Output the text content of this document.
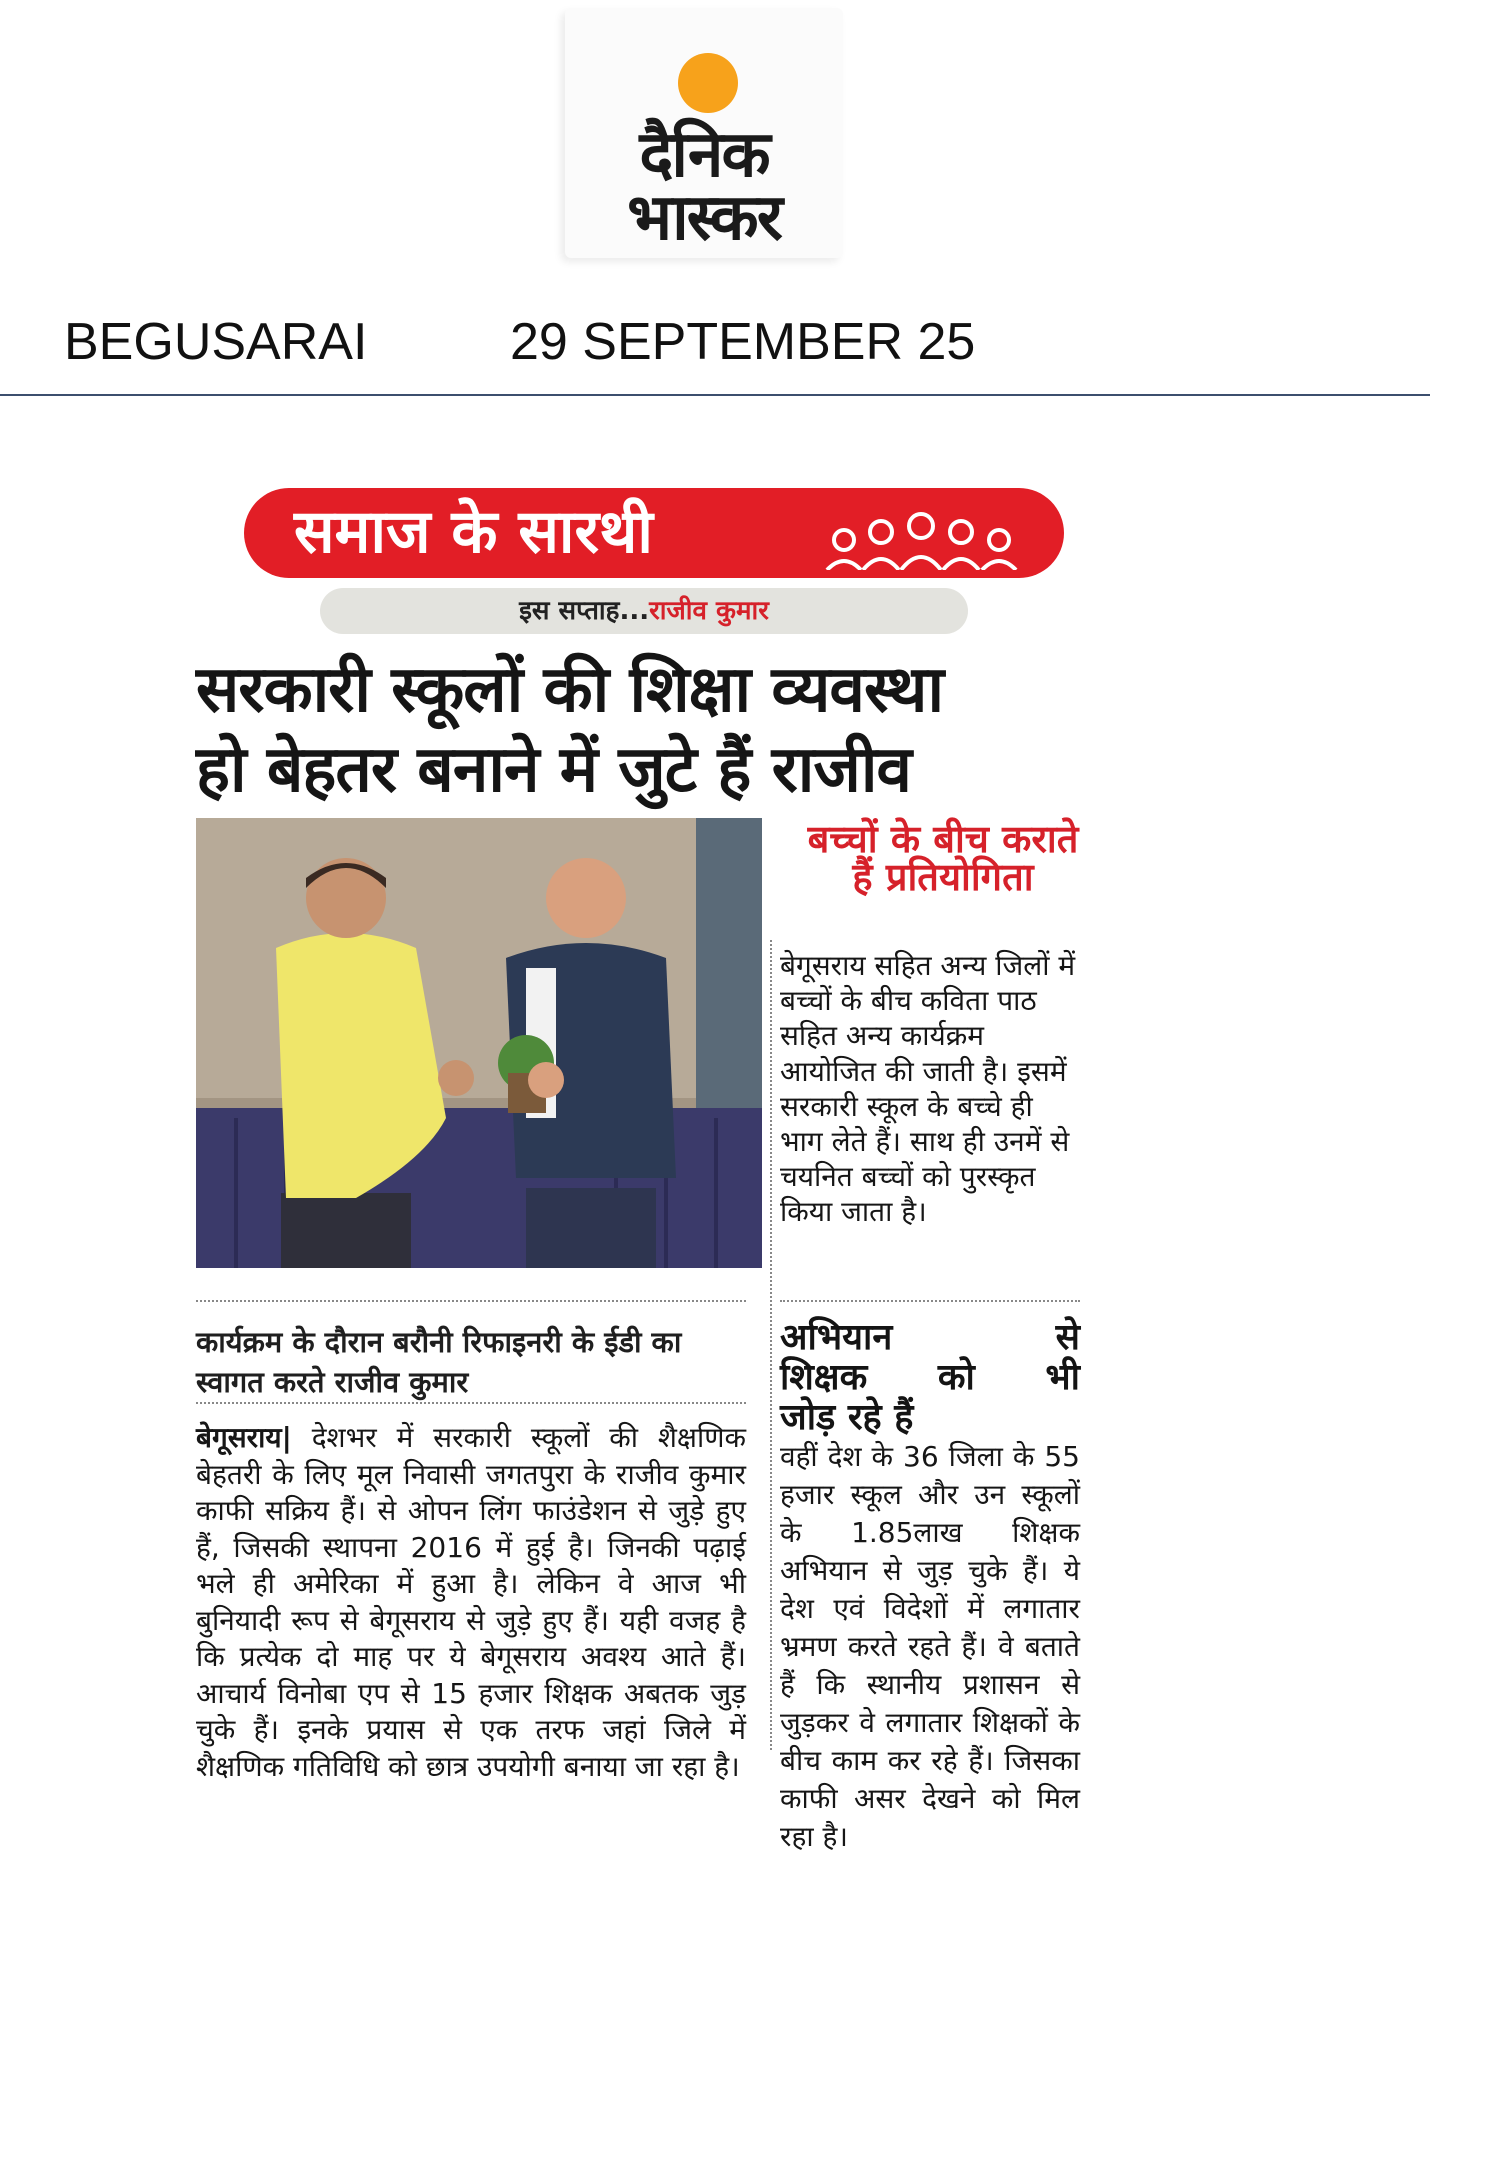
दैनिक
भास्कर
BEGUSARAI	29 SEPTEMBER 25
समाज के सारथी
इस सप्ताह...राजीव कुमार
सरकारी स्कूलों की शिक्षा व्यवस्था
हो बेहतर बनाने में जुटे हैं राजीव
बच्चों के बीच कराते हैं प्रतियोगिता
बेगूसराय सहित अन्य जिलों में बच्चों के बीच कविता पाठ सहित अन्य कार्यक्रम आयोजित की जाती है। इसमें सरकारी स्कूल के बच्चे ही भाग लेते हैं। साथ ही उनमें से चयनित बच्चों को पुरस्कृत किया जाता है।
कार्यक्रम के दौरान बरौनी रिफाइनरी के ईडी का स्वागत करते राजीव कुमार
बेगूसराय| देशभर में सरकारी स्कूलों की शैक्षणिक बेहतरी के लिए मूल निवासी जगतपुरा के राजीव कुमार काफी सक्रिय हैं। से ओपन लिंग फाउंडेशन से जुड़े हुए हैं, जिसकी स्थापना 2016 में हुई है। जिनकी पढ़ाई भले ही अमेरिका में हुआ है। लेकिन वे आज भी बुनियादी रूप से बेगूसराय से जुड़े हुए हैं। यही वजह है कि प्रत्येक दो माह पर ये बेगूसराय अवश्य आते हैं। आचार्य विनोबा एप से 15 हजार शिक्षक अबतक जुड़ चुके हैं। इनके प्रयास से एक तरफ जहां जिले में शैक्षणिक गतिविधि को छात्र उपयोगी बनाया जा रहा है।
अभियान से
शिक्षक को भी
जोड़ रहे हैं
वहीं देश के 36 जिला के 55 हजार स्कूल और उन स्कूलों के 1.85लाख शिक्षक अभियान से जुड़ चुके हैं। ये देश एवं विदेशों में लगातार भ्रमण करते रहते हैं। वे बताते हैं कि स्थानीय प्रशासन से जुड़कर वे लगातार शिक्षकों के बीच काम कर रहे हैं। जिसका काफी असर देखने को मिल रहा है।
